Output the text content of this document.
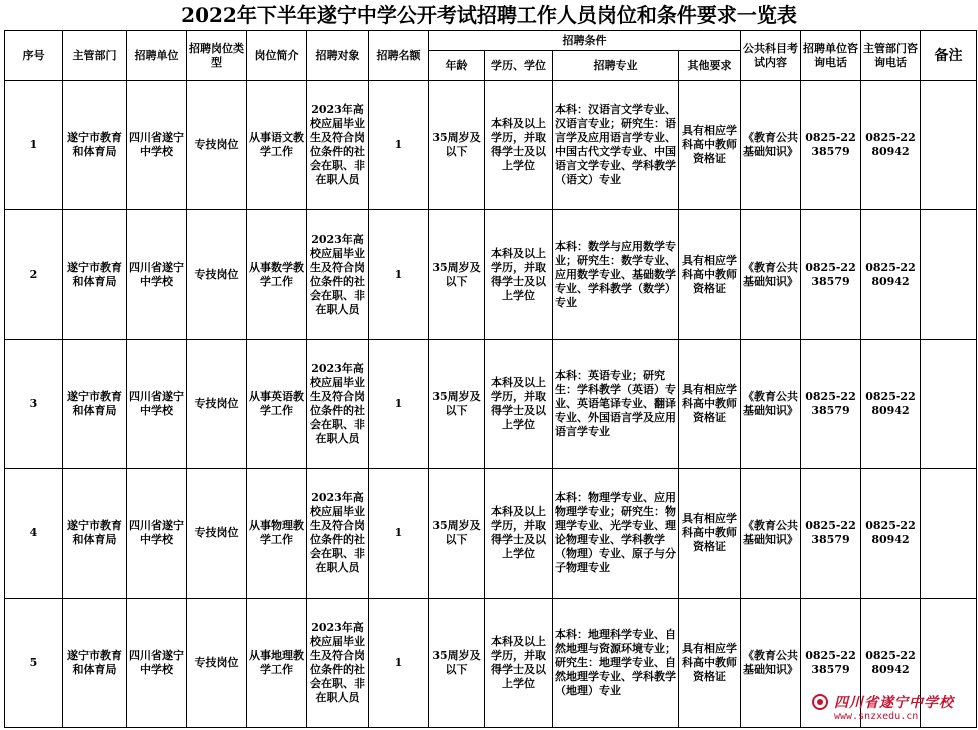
2022年下半年遂宁中学公开考试招聘工作人员岗位和条件要求一览表
序号	主管部门	招聘单位	招聘岗位类型	岗位简介	招聘对象	招聘名额	招聘条件				公共科目考试内容	招聘单位咨询电话	主管部门咨询电话	备注
							年龄	学历、学位	招聘专业	其他要求				
1	遂宁市教育和体育局	四川省遂宁中学校	专技岗位	从事语文教学工作	2023年高校应届毕业生及符合岗位条件的社会在职、非在职人员	1	35周岁及以下	本科及以上学历，并取得学士及以上学位	本科：汉语言文学专业、汉语言专业；研究生：语言学及应用语言学专业、中国古代文学专业、中国语言文学专业、学科教学（语文）专业	具有相应学科高中教师资格证	《教育公共基础知识》	0825-2238579	0825-2280942	
2	遂宁市教育和体育局	四川省遂宁中学校	专技岗位	从事数学教学工作	2023年高校应届毕业生及符合岗位条件的社会在职、非在职人员	1	35周岁及以下	本科及以上学历，并取得学士及以上学位	本科：数学与应用数学专业；研究生：数学专业、应用数学专业、基础数学专业、学科教学（数学）专业	具有相应学科高中教师资格证	《教育公共基础知识》	0825-2238579	0825-2280942	
3	遂宁市教育和体育局	四川省遂宁中学校	专技岗位	从事英语教学工作	2023年高校应届毕业生及符合岗位条件的社会在职、非在职人员	1	35周岁及以下	本科及以上学历，并取得学士及以上学位	本科：英语专业；研究生：学科教学（英语）专业、英语笔译专业、翻译专业、外国语言学及应用语言学专业	具有相应学科高中教师资格证	《教育公共基础知识》	0825-2238579	0825-2280942	
4	遂宁市教育和体育局	四川省遂宁中学校	专技岗位	从事物理教学工作	2023年高校应届毕业生及符合岗位条件的社会在职、非在职人员	1	35周岁及以下	本科及以上学历，并取得学士及以上学位	本科：物理学专业、应用物理学专业；研究生：物理学专业、光学专业、理论物理专业、学科教学（物理）专业、原子与分子物理专业	具有相应学科高中教师资格证	《教育公共基础知识》	0825-2238579	0825-2280942	
5	遂宁市教育和体育局	四川省遂宁中学校	专技岗位	从事地理教学工作	2023年高校应届毕业生及符合岗位条件的社会在职、非在职人员	1	35周岁及以下	本科及以上学历，并取得学士及以上学位	本科：地理科学专业、自然地理与资源环境专业；研究生：地理学专业、自然地理学专业、学科教学（地理）专业	具有相应学科高中教师资格证	《教育公共基础知识》	0825-2238579	0825-2280942	
四川省遂宁中学校
www.snzxedu.cn
